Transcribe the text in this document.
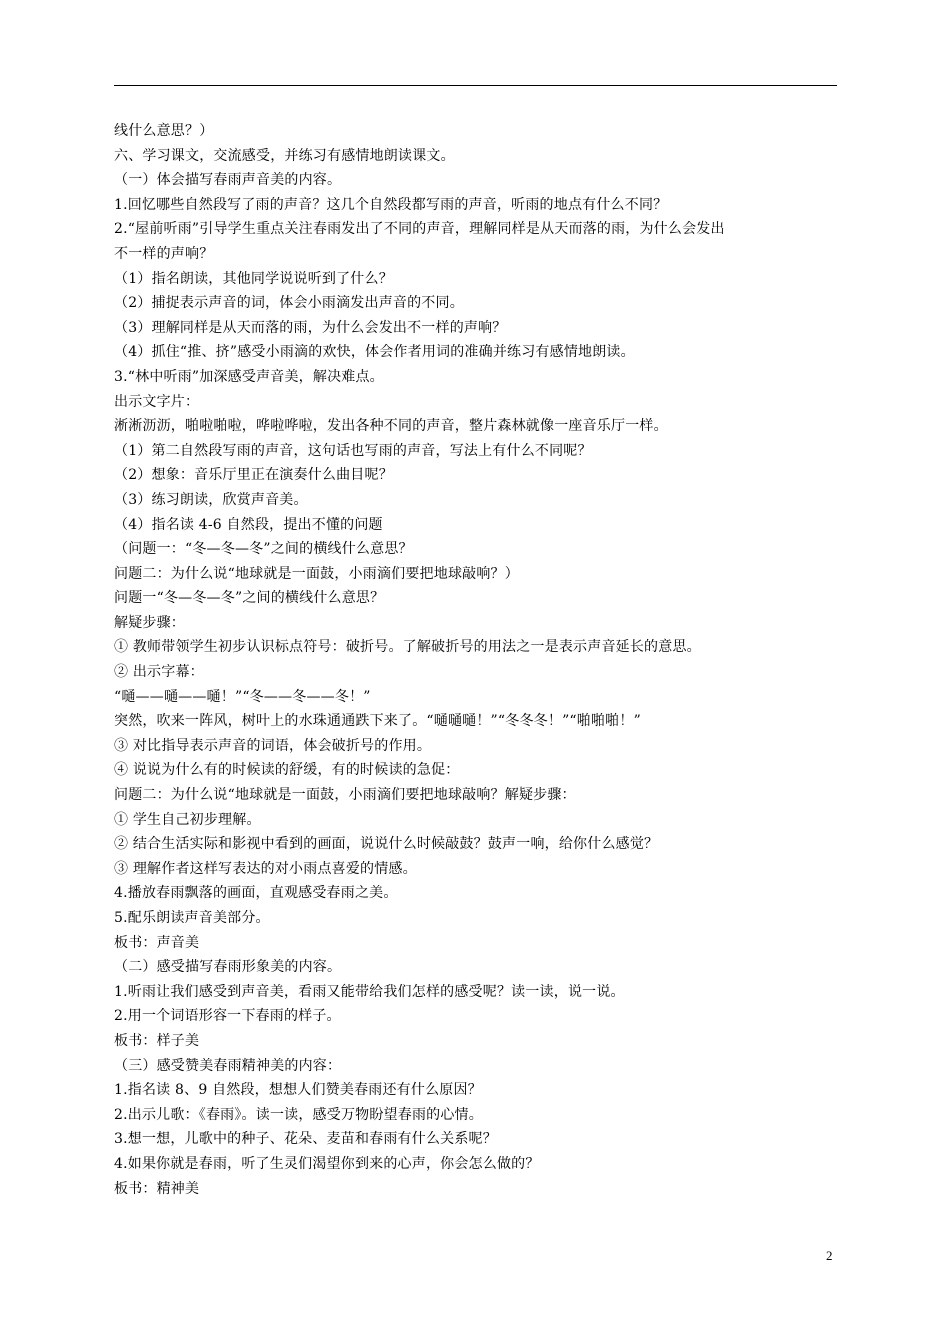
线什么意思？）
六、学习课文，交流感受，并练习有感情地朗读课文。
（一）体会描写春雨声音美的内容。
1.回忆哪些自然段写了雨的声音？这几个自然段都写雨的声音，听雨的地点有什么不同？
2.“屋前听雨”引导学生重点关注春雨发出了不同的声音，理解同样是从天而落的雨，为什么会发出
不一样的声响？
（1）指名朗读，其他同学说说听到了什么？
（2）捕捉表示声音的词，体会小雨滴发出声音的不同。
（3）理解同样是从天而落的雨，为什么会发出不一样的声响？
（4）抓住“推、挤”感受小雨滴的欢快，体会作者用词的准确并练习有感情地朗读。
3.“林中听雨”加深感受声音美，解决难点。
出示文字片：
淅淅沥沥，啪啦啪啦，哗啦哗啦，发出各种不同的声音，整片森林就像一座音乐厅一样。
（1）第二自然段写雨的声音，这句话也写雨的声音，写法上有什么不同呢？
（2）想象：音乐厅里正在演奏什么曲目呢？
（3）练习朗读，欣赏声音美。
（4）指名读 4-6 自然段，提出不懂的问题
（问题一：“冬—冬—冬”之间的横线什么意思？
问题二：为什么说“地球就是一面鼓，小雨滴们要把地球敲响？）
问题一“冬—冬—冬”之间的横线什么意思？
解疑步骤：
① 教师带领学生初步认识标点符号：破折号。了解破折号的用法之一是表示声音延长的意思。
② 出示字幕：
“嗵——嗵——嗵！”“冬——冬——冬！”
突然，吹来一阵风，树叶上的水珠通通跌下来了。“嗵嗵嗵！”“冬冬冬！”“啪啪啪！”
③ 对比指导表示声音的词语，体会破折号的作用。
④ 说说为什么有的时候读的舒缓，有的时候读的急促：
问题二：为什么说“地球就是一面鼓，小雨滴们要把地球敲响？解疑步骤：
① 学生自己初步理解。
② 结合生活实际和影视中看到的画面，说说什么时候敲鼓？鼓声一响，给你什么感觉？
③ 理解作者这样写表达的对小雨点喜爱的情感。
4.播放春雨飘落的画面，直观感受春雨之美。
5.配乐朗读声音美部分。
板书：声音美
（二）感受描写春雨形象美的内容。
1.听雨让我们感受到声音美，看雨又能带给我们怎样的感受呢？读一读，说一说。
2.用一个词语形容一下春雨的样子。
板书：样子美
（三）感受赞美春雨精神美的内容：
1.指名读 8、9 自然段，想想人们赞美春雨还有什么原因？
2.出示儿歌：《春雨》。读一读，感受万物盼望春雨的心情。
3.想一想，儿歌中的种子、花朵、麦苗和春雨有什么关系呢？
4.如果你就是春雨，听了生灵们渴望你到来的心声，你会怎么做的？
板书：精神美
2
